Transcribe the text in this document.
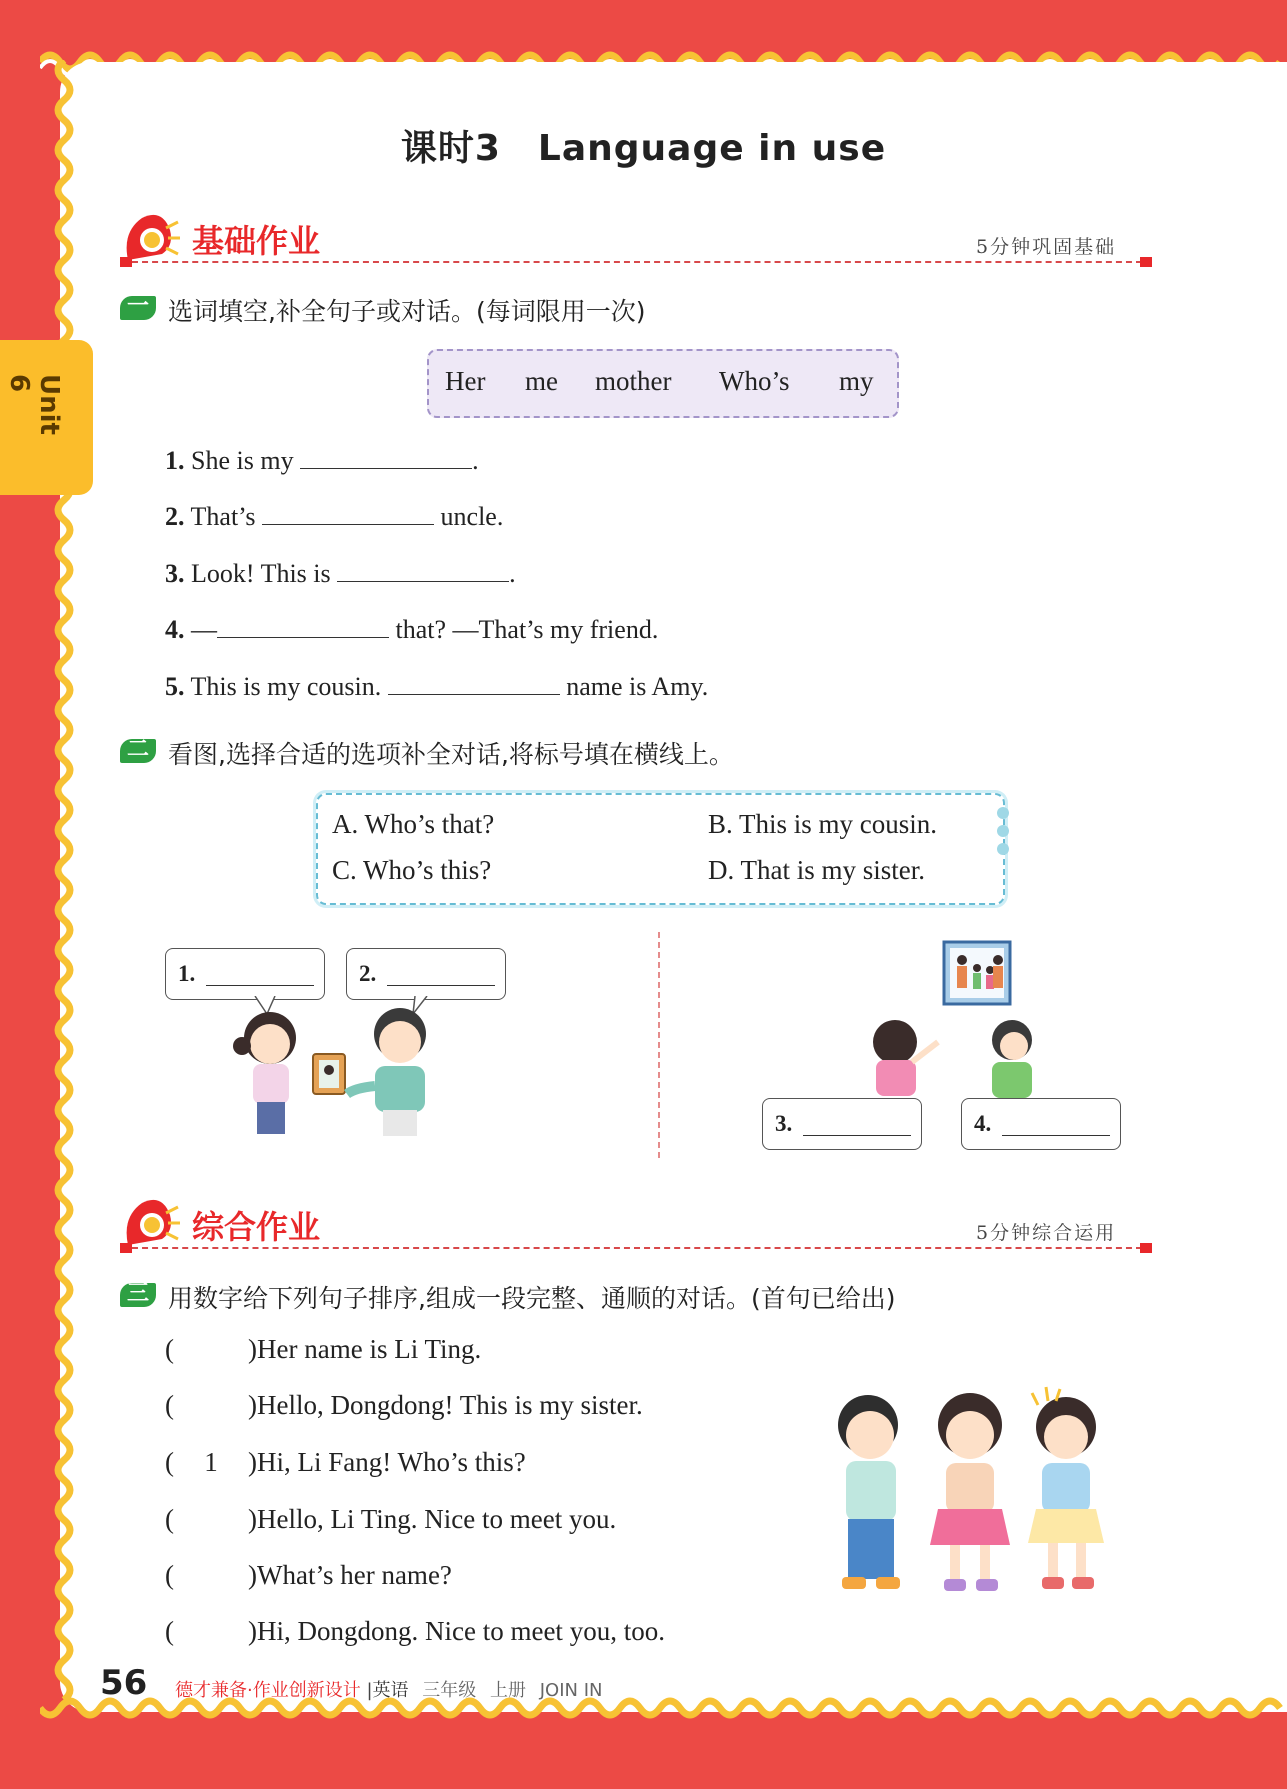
Unit 6
课时3　Language in use
基础作业	5分钟巩固基础
一 选词填空,补全句子或对话。(每词限用一次)
Her me mother Who’s my
1. She is my	.
2. That’s	uncle.
3. Look! This is	.
4. —	that? —That’s my friend.
5. This is my cousin.	name is Amy.
二 看图,选择合适的选项补全对话,将标号填在横线上。
A. Who’s that?	B. This is my cousin.
C. Who’s this?	D. That is my sister.
1.	2.
3.	4.
综合作业	5分钟综合运用
三 用数字给下列句子排序,组成一段完整、通顺的对话。(首句已给出)
(	)Her name is Li Ting.
(	)Hello, Dongdong! This is my sister.
( 1 )Hi, Li Fang! Who’s this?
(	)Hello, Li Ting. Nice to meet you.
(	)What’s her name?
(	)Hi, Dongdong. Nice to meet you, too.
56 德才兼备·作业创新设计 |英语 三年级 上册 JOIN IN
